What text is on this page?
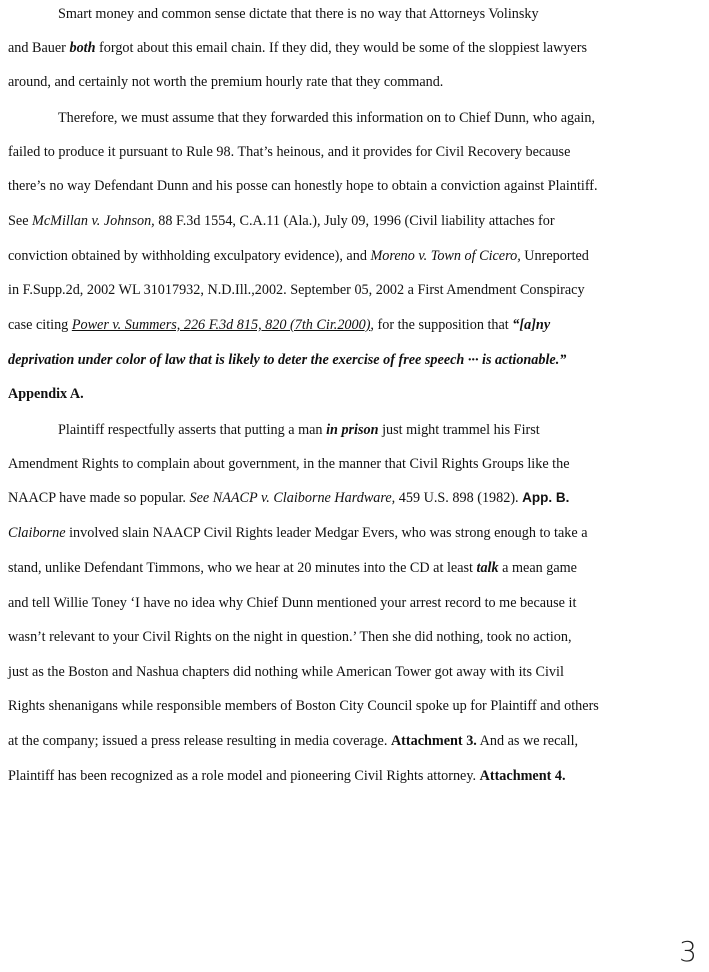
Smart money and common sense dictate that there is no way that Attorneys Volinsky
and Bauer both forgot about this email chain. If they did, they would be some of the sloppiest lawyers
around, and certainly not worth the premium hourly rate that they command.
Therefore, we must assume that they forwarded this information on to Chief Dunn, who again,
failed to produce it pursuant to Rule 98. That’s heinous, and it provides for Civil Recovery because
there’s no way Defendant Dunn and his posse can honestly hope to obtain a conviction against Plaintiff.
See McMillan v. Johnson, 88 F.3d 1554, C.A.11 (Ala.), July 09, 1996 (Civil liability attaches for
conviction obtained by withholding exculpatory evidence), and Moreno v. Town of Cicero, Unreported
in F.Supp.2d, 2002 WL 31017932, N.D.Ill.,2002. September 05, 2002 a First Amendment Conspiracy
case citing Power v. Summers, 226 F.3d 815, 820 (7th Cir.2000), for the supposition that “[a]ny
deprivation under color of law that is likely to deter the exercise of free speech ··· is actionable.”
Appendix A.
Plaintiff respectfully asserts that putting a man in prison just might trammel his First
Amendment Rights to complain about government, in the manner that Civil Rights Groups like the
NAACP have made so popular. See NAACP v. Claiborne Hardware, 459 U.S. 898 (1982). App. B.
Claiborne involved slain NAACP Civil Rights leader Medgar Evers, who was strong enough to take a
stand, unlike Defendant Timmons, who we hear at 20 minutes into the CD at least talk a mean game
and tell Willie Toney ‘I have no idea why Chief Dunn mentioned your arrest record to me because it
wasn’t relevant to your Civil Rights on the night in question.’ Then she did nothing, took no action,
just as the Boston and Nashua chapters did nothing while American Tower got away with its Civil
Rights shenanigans while responsible members of Boston City Council spoke up for Plaintiff and others
at the company; issued a press release resulting in media coverage. Attachment 3. And as we recall,
Plaintiff has been recognized as a role model and pioneering Civil Rights attorney. Attachment 4.
3
